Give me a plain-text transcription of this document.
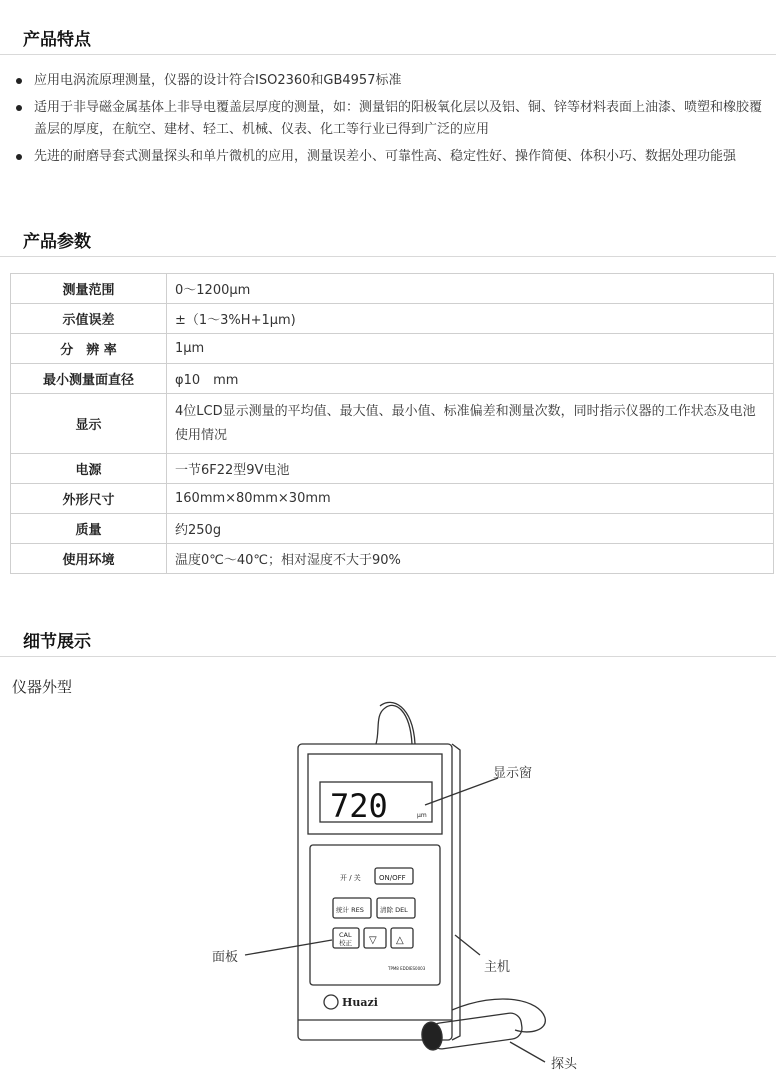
产品特点
应用电涡流原理测量，仪器的设计符合ISO2360和GB4957标准
适用于非导磁金属基体上非导电覆盖层厚度的测量，如：测量铝的阳极氧化层以及铝、铜、锌等材料表面上油漆、喷塑和橡胶覆盖层的厚度，在航空、建材、轻工、机械、仪表、化工等行业已得到广泛的应用
先进的耐磨导套式测量探头和单片微机的应用，测量误差小、可靠性高、稳定性好、操作简便、体积小巧、数据处理功能强
产品参数
测量范围	0～1200μm
示值误差	±（1～3%H+1μm)
分　辨 率	1μm
最小测量面直径	φ10　mm
显示	4位LCD显示测量的平均值、最大值、最小值、标准偏差和测量次数，同时指示仪器的工作状态及电池使用情况
电源	一节6F22型9V电池
外形尺寸	160mm×80mm×30mm
质量	约250g
使用环境	温度0℃～40℃；相对湿度不大于90%
细节展示
仪器外型
720	μm
开 / 关	ON/OFF
统计 RES 清除 DEL
CAL
校正 ▽ △
TPM8 EDDIES0003
Huazi
显示窗
面板
主机
探头
